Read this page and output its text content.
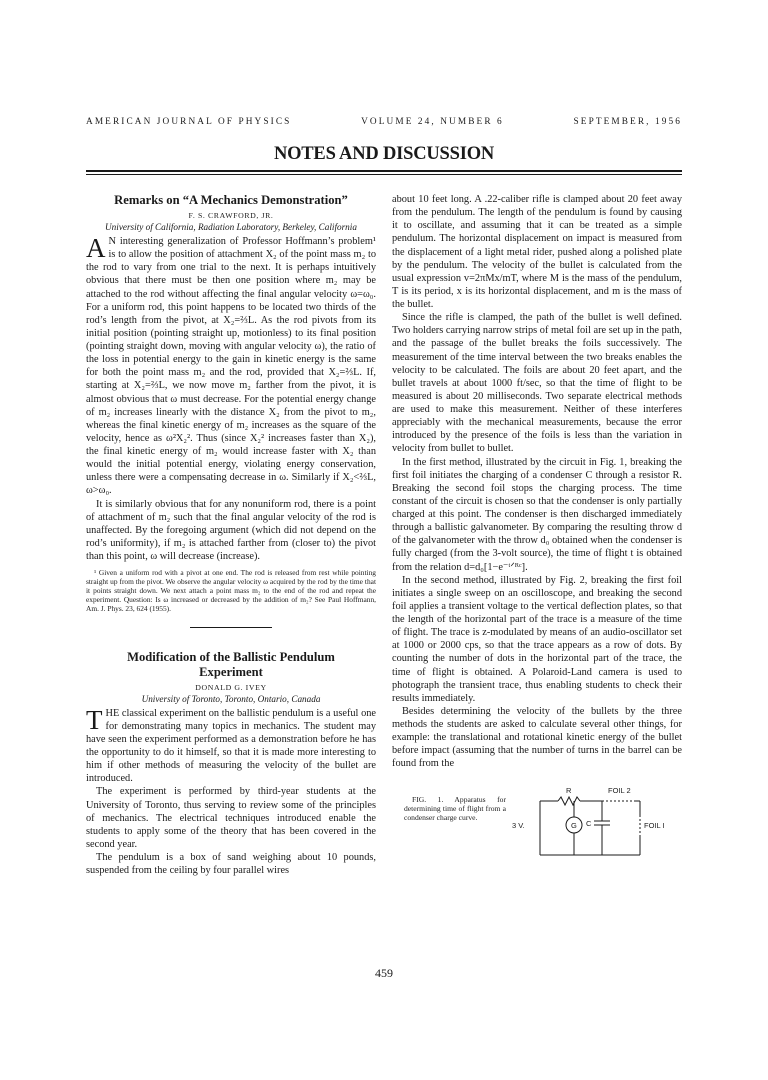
AMERICAN JOURNAL OF PHYSICS	VOLUME 24, NUMBER 6	SEPTEMBER, 1956
NOTES AND DISCUSSION
Remarks on “A Mechanics Demonstration”
F. S. CRAWFORD, JR.
University of California, Radiation Laboratory, Berkeley, California

A N interesting generalization of Professor Hoffmann’s problem¹ is to allow the position of attachment X₂ of the point mass m₂ to the rod to vary from one trial to the next. It is perhaps intuitively obvious that there must be then one position where m₂ may be attached to the rod without affecting the final angular velocity ω=ω₀. For a uniform rod, this point happens to be located two thirds of the rod’s length from the pivot, at X₂=⅔L. As the rod pivots from its initial position (pointing straight up, motionless) to its final position (pointing straight down, moving with angular velocity ω), the ratio of the loss in potential energy to the gain in kinetic energy is the same for both the point mass m₂ and the rod, provided that X₂=⅔L. If, starting at X₂=⅔L, we now move m₂ farther from the pivot, it is almost obvious that ω must decrease. For the potential energy change of m₂ increases linearly with the distance X₂ from the pivot to m₂, whereas the final kinetic energy of m₂ increases as the square of the velocity, hence as ω²X₂². Thus (since X₂² increases faster than X₂), the final kinetic energy of m₂ would increase faster with X₂ than would the initial potential energy, violating energy conservation, unless there were a compensating decrease in ω. Similarly if X₂<⅔L, ω>ω₀.

It is similarly obvious that for any nonuniform rod, there is a point of attachment of m₂ such that the final angular velocity of the rod is unaffected. By the foregoing argument (which did not depend on the rod’s uniformity), if m₂ is attached farther from (closer to) the pivot than this point, ω will decrease (increase).

¹ Given a uniform rod with a pivot at one end. The rod is released from rest while pointing straight up from the pivot. We observe the angular velocity ω acquired by the rod by the time that it points straight down. We next attach a point mass m₂ to the end of the rod and repeat the experiment. Question: Is ω increased or decreased by the addition of m₂? See Paul Hoffmann, Am. J. Phys. 23, 624 (1955).
Modification of the Ballistic Pendulum
Experiment
DONALD G. IVEY
University of Toronto, Toronto, Ontario, Canada

THE classical experiment on the ballistic pendulum is a useful one for demonstrating many topics in mechanics. The student may have seen the experiment performed as a demonstration before he has the opportunity to do it himself, so that it is made more interesting to him if other methods of measuring the velocity of the bullet are introduced.

The experiment is performed by third-year students at the University of Toronto, thus serving to review some of the principles of mechanics. The electrical techniques introduced enable the students to apply some of the theory that has been covered in the second year.

The pendulum is a box of sand weighing about 10 pounds, suspended from the ceiling by four parallel wires

about 10 feet long. A .22-caliber rifle is clamped about 20 feet away from the pendulum. The length of the pendulum is found by causing it to oscillate, and assuming that it can be treated as a simple pendulum. The horizontal displacement on impact is measured from the displacement of a light metal rider, pushed along a polished plate by the pendulum. The velocity of the bullet is calculated from the usual expression v=2πMx/mT, where M is the mass of the pendulum, T is its period, x is its horizontal displacement, and m is the mass of the bullet.

Since the rifle is clamped, the path of the bullet is well defined. Two holders carrying narrow strips of metal foil are set up in the path, and the passage of the bullet breaks the foils successively. The measurement of the time interval between the two breaks enables the velocity to be calculated. The foils are about 20 feet apart, and the bullet travels at about 1000 ft/sec, so that the time of flight to be measured is about 20 milliseconds. Two separate electrical methods are used to make this measurement. Neither of these interferes appreciably with the mechanical measurements, because the error introduced by the presence of the foils is less than the variation in velocity from bullet to bullet.

In the first method, illustrated by the circuit in Fig. 1, breaking the first foil initiates the charging of a condenser C through a resistor R. Breaking the second foil stops the charging process. The time constant of the circuit is chosen so that the condenser is only partially charged at this point. The condenser is then discharged immediately through a ballistic galvanometer. By comparing the resulting throw d of the galvanometer with the throw d₀ obtained when the condenser is fully charged (from the 3-volt source), the time of flight t is obtained from the relation d=d₀[1−e⁻ᵗᐟᴿᶜ].

In the second method, illustrated by Fig. 2, breaking the first foil initiates a single sweep on an oscilloscope, and breaking the second foil applies a transient voltage to the vertical deflection plates, so that the length of the horizontal part of the trace is a measure of the time of flight. The trace is z-modulated by means of an audio-oscillator set at 1000 or 2000 cps, so that the trace appears as a row of dots. By counting the number of dots in the horizontal part of the trace, the time of flight is obtained. A Polaroid-Land camera is used to photograph the transient trace, thus enabling students to check their results immediately.

Besides determining the velocity of the bullets by the three methods the students are asked to calculate several other things, for example: the translational and rotational kinetic energy of the bullet before impact (assuming that the number of turns in the barrel can be found from the

FIG. 1. Apparatus for determining time of flight from a condenser charge curve.
R	FOIL 2
3 V.	G C	FOIL I
459
